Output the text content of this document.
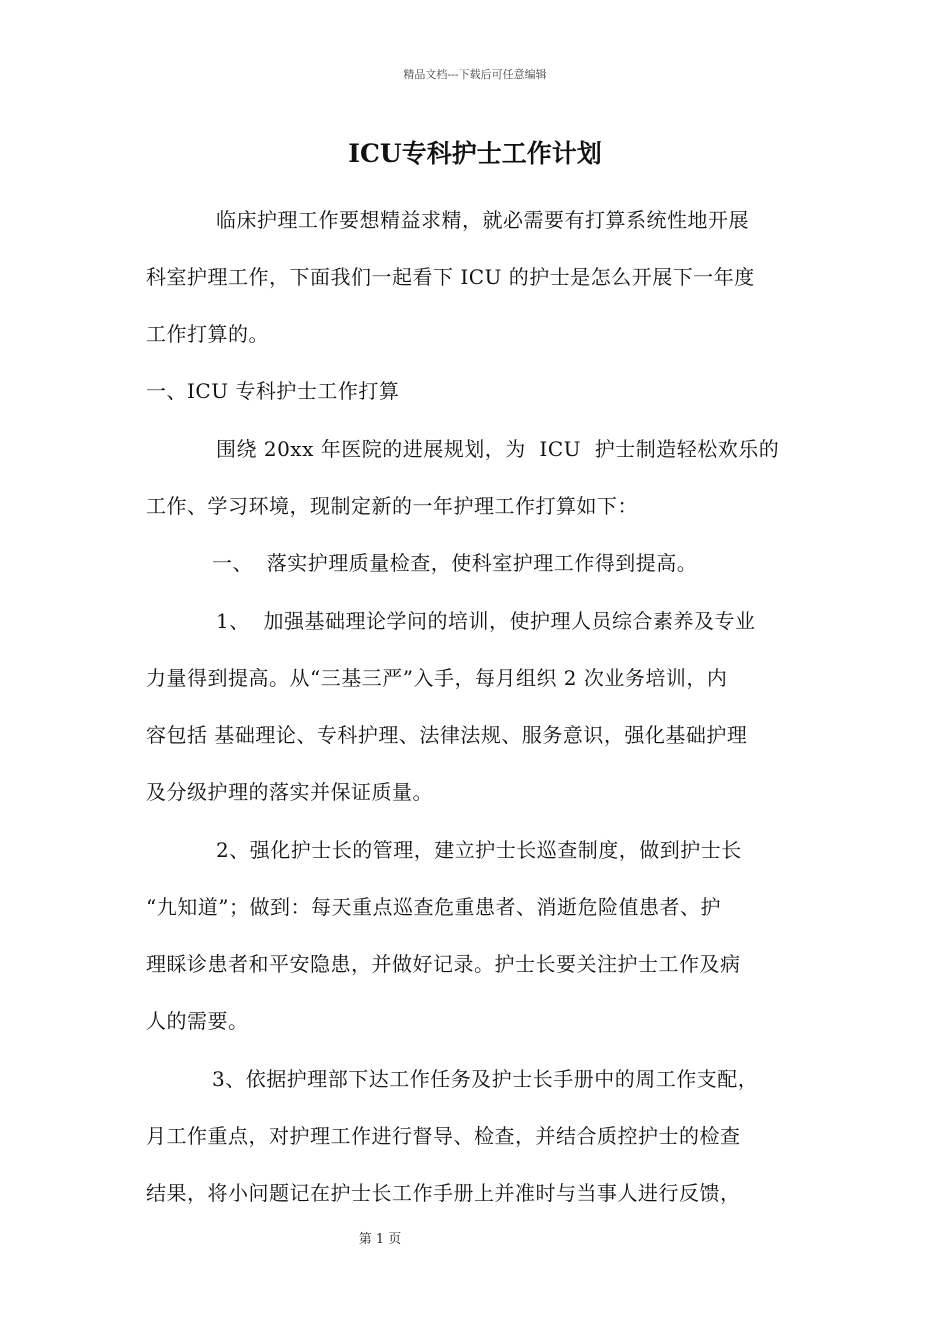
精品文档---下载后可任意编辑
ICU专科护士工作计划
临床护理工作要想精益求精，就必需要有打算系统性地开展
科室护理工作，下面我们一起看下 ICU 的护士是怎么开展下一年度
工作打算的。
一、ICU 专科护士工作打算
围绕 20xx 年医院的进展规划，为  ICU  护士制造轻松欢乐的
工作、学习环境，现制定新的一年护理工作打算如下：
一、  落实护理质量检查，使科室护理工作得到提高。
1、  加强基础理论学问的培训，使护理人员综合素养及专业
力量得到提高。从“三基三严”入手，每月组织 2 次业务培训，内
容包括 基础理论、专科护理、法律法规、服务意识，强化基础护理
及分级护理的落实并保证质量。
2、强化护士长的管理，建立护士长巡查制度，做到护士长
“九知道”；做到：每天重点巡查危重患者、消逝危险值患者、护
理睬诊患者和平安隐患，并做好记录。护士长要关注护士工作及病
人的需要。
3、依据护理部下达工作任务及护士长手册中的周工作支配，
月工作重点，对护理工作进行督导、检查，并结合质控护士的检查
结果，将小问题记在护士长工作手册上并准时与当事人进行反馈，
第 1 页
